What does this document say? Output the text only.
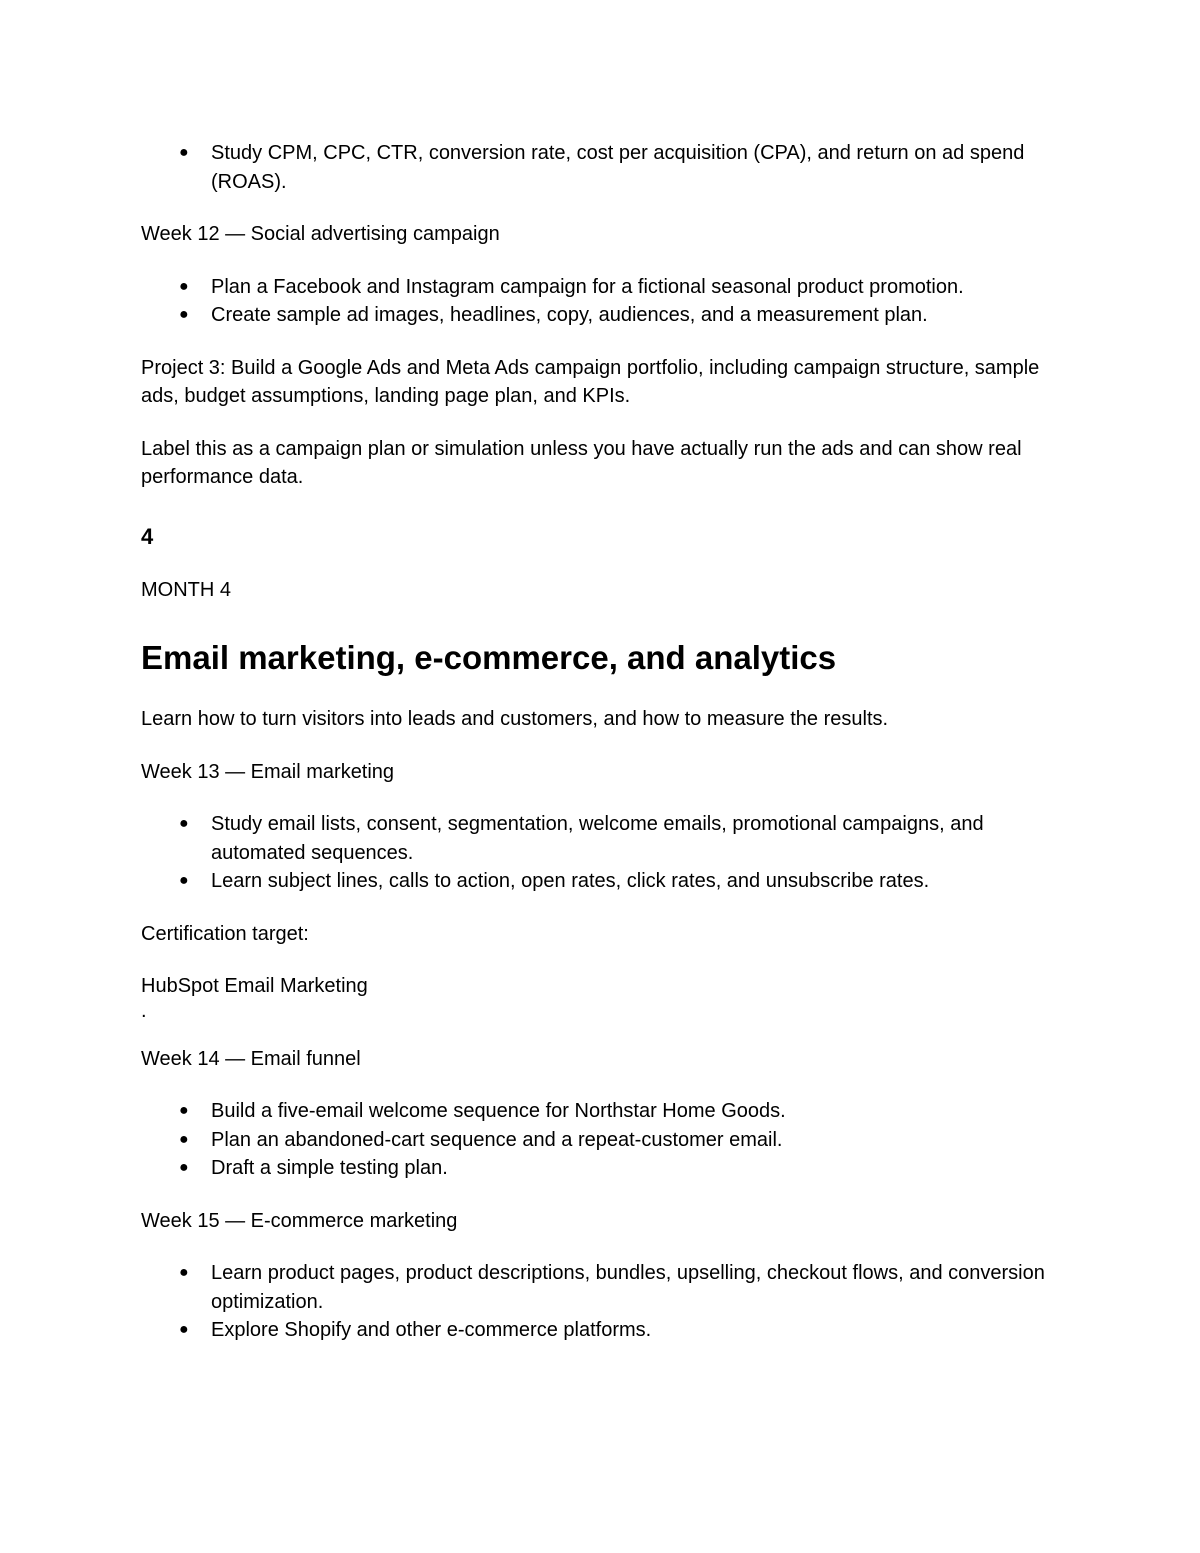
● Study CPM, CPC, CTR, conversion rate, cost per acquisition (CPA), and return on ad spend (ROAS).

Week 12 — Social advertising campaign

● Plan a Facebook and Instagram campaign for a fictional seasonal product promotion.
● Create sample ad images, headlines, copy, audiences, and a measurement plan.

Project 3: Build a Google Ads and Meta Ads campaign portfolio, including campaign structure, sample ads, budget assumptions, landing page plan, and KPIs.

Label this as a campaign plan or simulation unless you have actually run the ads and can show real performance data.

4

MONTH 4

Email marketing, e-commerce, and analytics

Learn how to turn visitors into leads and customers, and how to measure the results.

Week 13 — Email marketing

● Study email lists, consent, segmentation, welcome emails, promotional campaigns, and automated sequences.
● Learn subject lines, calls to action, open rates, click rates, and unsubscribe rates.

Certification target:

HubSpot Email Marketing

.

Week 14 — Email funnel

● Build a five-email welcome sequence for Northstar Home Goods.
● Plan an abandoned-cart sequence and a repeat-customer email.
● Draft a simple testing plan.

Week 15 — E-commerce marketing

● Learn product pages, product descriptions, bundles, upselling, checkout flows, and conversion optimization.
● Explore Shopify and other e-commerce platforms.
